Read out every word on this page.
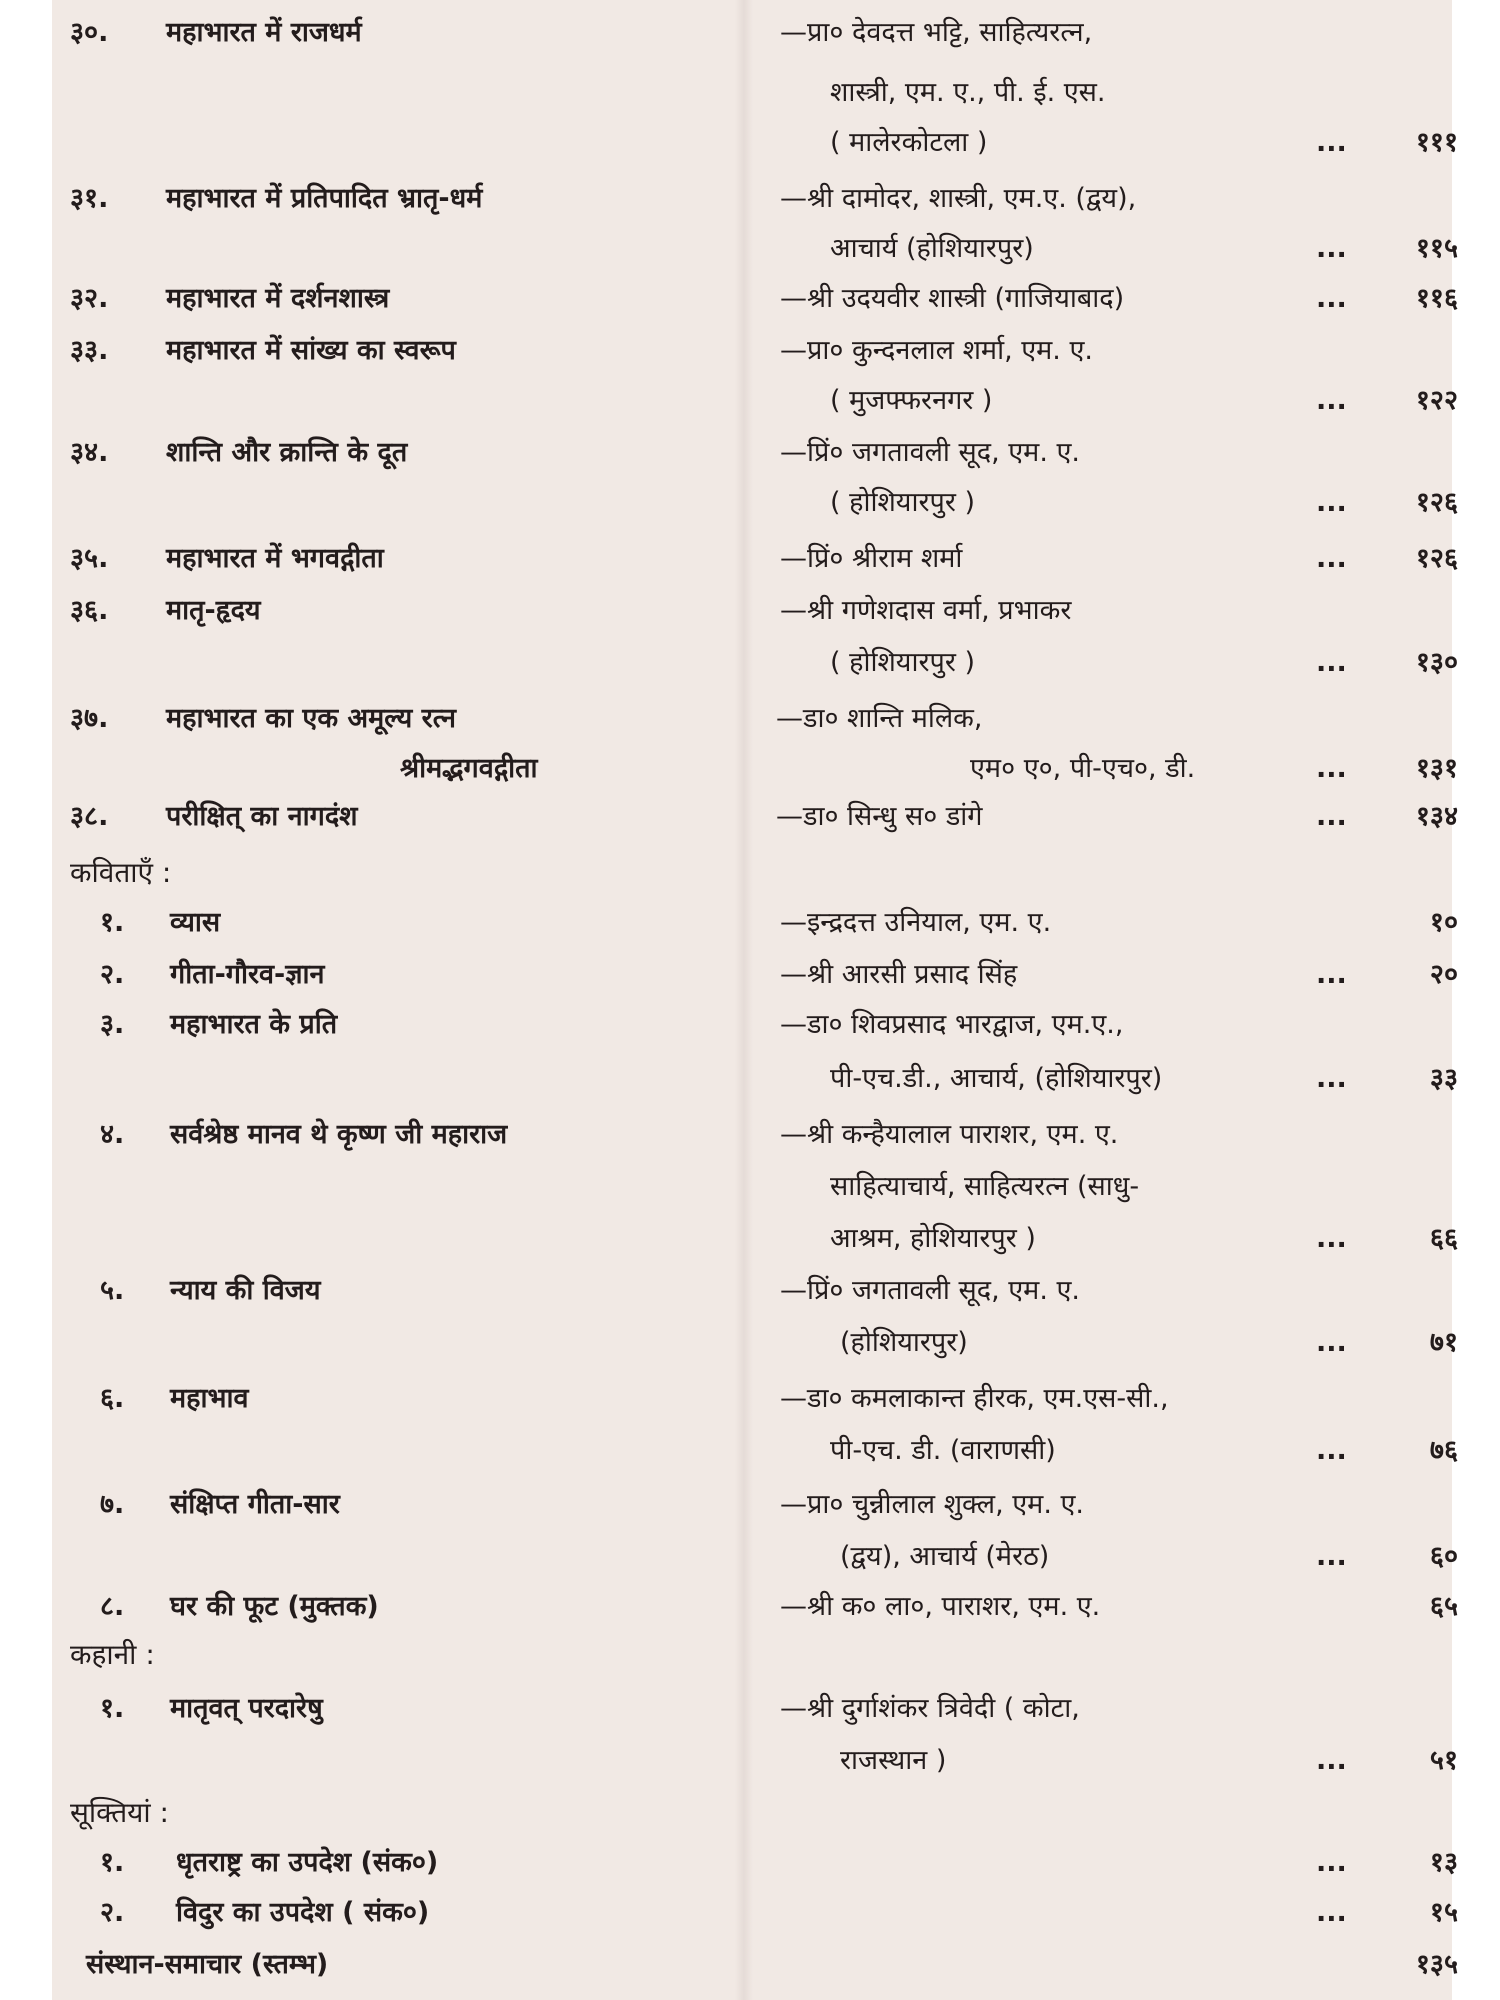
३०.	महाभारत में राजधर्म	—प्रा० देवदत्त भट्टि, साहित्यरत्न,
शास्त्री, एम. ए., पी. ई. एस.
( मालेरकोटला )	...	१११
३१.	महाभारत में प्रतिपादित भ्रातृ-धर्म	—श्री दामोदर, शास्त्री, एम.ए. (द्वय),
आचार्य (होशियारपुर)	...	११५
३२.	महाभारत में दर्शनशास्त्र	—श्री उदयवीर शास्त्री (गाजियाबाद)	...	११६
३३.	महाभारत में सांख्य का स्वरूप	—प्रा० कुन्दनलाल शर्मा, एम. ए.
( मुजफ्फरनगर )	...	१२२
३४.	शान्ति और क्रान्ति के दूत	—प्रिं० जगतावली सूद, एम. ए.
( होशियारपुर )	...	१२६
३५.	महाभारत में भगवद्गीता	—प्रिं० श्रीराम शर्मा	...	१२६
३६.	मातृ-हृदय	—श्री गणेशदास वर्मा, प्रभाकर
( होशियारपुर )	...	१३०
३७.	महाभारत का एक अमूल्य रत्न	—डा० शान्ति मलिक,
श्रीमद्भगवद्गीता	एम० ए०, पी-एच०, डी.	...	१३१
३८.	परीक्षित् का नागदंश	—डा० सिन्धु स० डांगे	...	१३४
कविताएँ :
१.	व्यास	—इन्द्रदत्त उनियाल, एम. ए.	१०
२.	गीता-गौरव-ज्ञान	—श्री आरसी प्रसाद सिंह	...	२०
३.	महाभारत के प्रति	—डा० शिवप्रसाद भारद्वाज, एम.ए.,
पी-एच.डी., आचार्य, (होशियारपुर)	...	३३
४.	सर्वश्रेष्ठ मानव थे कृष्ण जी महाराज	—श्री कन्हैयालाल पाराशर, एम. ए.
साहित्याचार्य, साहित्यरत्न (साधु-
आश्रम, होशियारपुर )	...	६६
५.	न्याय की विजय	—प्रिं० जगतावली सूद, एम. ए.
(होशियारपुर)	...	७१
६.	महाभाव	—डा० कमलाकान्त हीरक, एम.एस-सी.,
पी-एच. डी. (वाराणसी)	...	७६
७.	संक्षिप्त गीता-सार	—प्रा० चुन्नीलाल शुक्ल, एम. ए.
(द्वय), आचार्य (मेरठ)	...	६०
८.	घर की फूट (मुक्तक)	—श्री क० ला०, पाराशर, एम. ए.	६५
कहानी :
१.	मातृवत् परदारेषु	—श्री दुर्गाशंकर त्रिवेदी ( कोटा,
राजस्थान )	...	५१
सूक्तियां :
१.	धृतराष्ट्र का उपदेश (संक०)	...	१३
२.	विदुर का उपदेश ( संक०)	...	१५
संस्थान-समाचार (स्तम्भ)	१३५
